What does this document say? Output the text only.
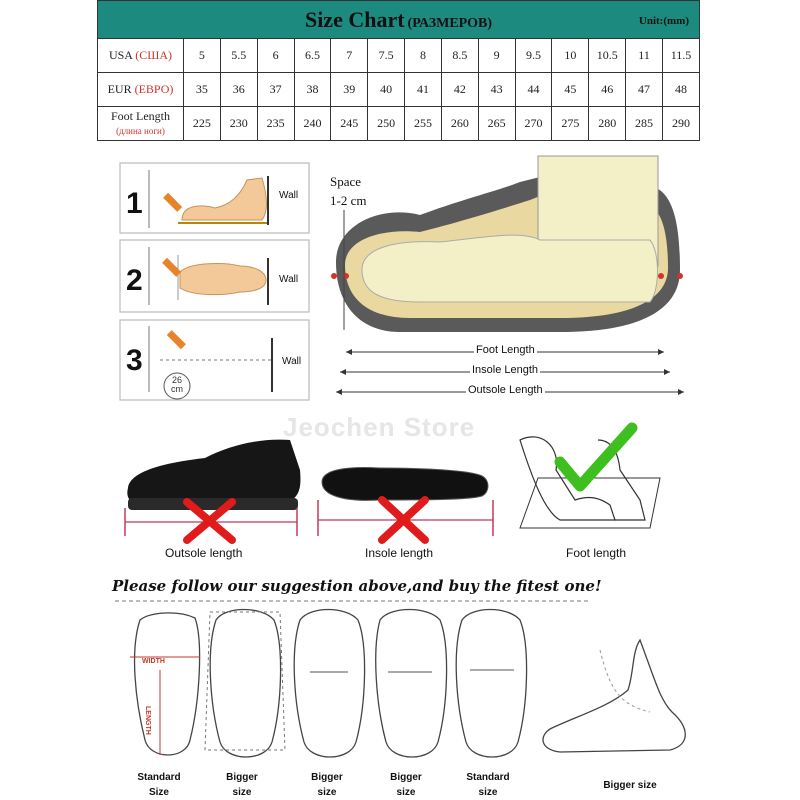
Size Chart (РАЗМЕРОВ) Unit:(mm)														

USA (США)	5	5.5	6	6.5	7	7.5	8	8.5	9	9.5	10	10.5	11	11.5
EUR (ЕВРО)	35	36	37	38	39	40	41	42	43	44	45	46	47	48
Foot Length
(длина ноги)	225	230	235	240	245	250	255	260	265	270	275	280	285	290
1	Wall
2	Wall
3	Wall
26
cm
Space
1-2 cm
Foot Length
Insole Length
Outsole Length
Jeochen Store
Outsole length	Insole length	Foot length
Please follow our suggestion above,and buy the fitest one!
WIDTH
LENGTH
Standard
Size
Bigger
size
Bigger
size
Bigger
size
Standard
size
Bigger size
